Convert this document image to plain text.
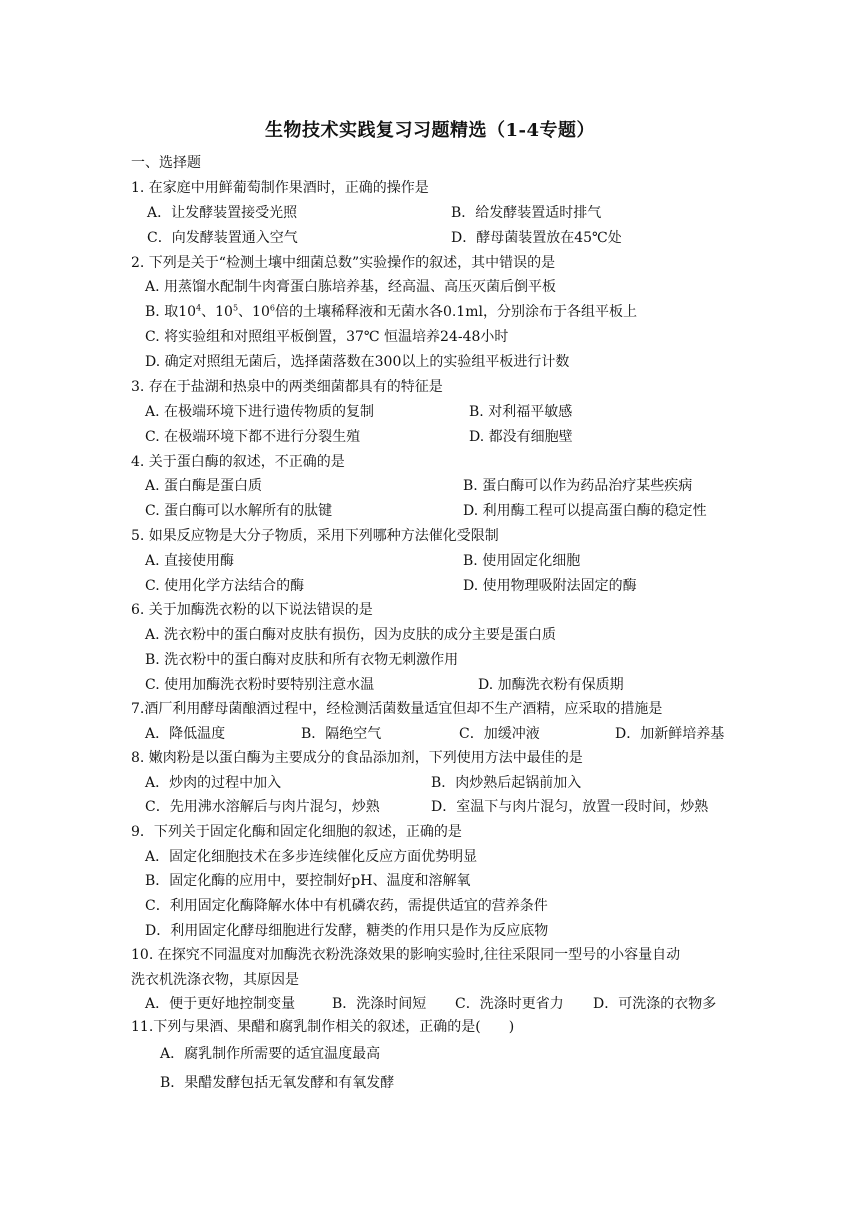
生物技术实践复习习题精选（1-4专题）
一、选择题
1. 在家庭中用鲜葡萄制作果酒时，正确的操作是
A．让发酵装置接受光照	B．给发酵装置适时排气
C．向发酵装置通入空气	D．酵母菌装置放在45℃处
2. 下列是关于“检测土壤中细菌总数”实验操作的叙述，其中错误的是
A. 用蒸馏水配制牛肉膏蛋白胨培养基，经高温、高压灭菌后倒平板
B. 取$10^4$、$10^5$、$10^6$倍的土壤稀释液和无菌水各0.1ml，分别涂布于各组平板上
C. 将实验组和对照组平板倒置，37℃ 恒温培养24-48小时
D. 确定对照组无菌后，选择菌落数在300以上的实验组平板进行计数
3. 存在于盐湖和热泉中的两类细菌都具有的特征是
A. 在极端环境下进行遗传物质的复制	B. 对利福平敏感
C. 在极端环境下都不进行分裂生殖	D. 都没有细胞壁
4. 关于蛋白酶的叙述，不正确的是
A. 蛋白酶是蛋白质	B. 蛋白酶可以作为药品治疗某些疾病
C. 蛋白酶可以水解所有的肽键	D. 利用酶工程可以提高蛋白酶的稳定性
5. 如果反应物是大分子物质，采用下列哪种方法催化受限制
A. 直接使用酶	B. 使用固定化细胞
C. 使用化学方法结合的酶	D. 使用物理吸附法固定的酶
6. 关于加酶洗衣粉的以下说法错误的是
A. 洗衣粉中的蛋白酶对皮肤有损伤，因为皮肤的成分主要是蛋白质
B. 洗衣粉中的蛋白酶对皮肤和所有衣物无刺激作用
C. 使用加酶洗衣粉时要特别注意水温	D. 加酶洗衣粉有保质期
7.酒厂利用酵母菌酿酒过程中，经检测活菌数量适宜但却不生产酒精，应采取的措施是
A．降低温度	B．隔绝空气	C．加缓冲液	D．加新鲜培养基
8. 嫩肉粉是以蛋白酶为主要成分的食品添加剂，下列使用方法中最佳的是
A．炒肉的过程中加入	B．肉炒熟后起锅前加入
C．先用沸水溶解后与肉片混匀，炒熟	D．室温下与肉片混匀，放置一段时间，炒熟
9．下列关于固定化酶和固定化细胞的叙述，正确的是
A．固定化细胞技术在多步连续催化反应方面优势明显
B．固定化酶的应用中，要控制好pH、温度和溶解氧
C．利用固定化酶降解水体中有机磷农药，需提供适宜的营养条件
D．利用固定化酵母细胞进行发酵，糖类的作用只是作为反应底物
10. 在探究不同温度对加酶洗衣粉洗涤效果的影响实验时,往往采限同一型号的小容量自动
洗衣机洗涤衣物，其原因是
A．便于更好地控制变量	B．洗涤时间短 C．洗涤时更省力 D．可洗涤的衣物多
11.下列与果酒、果醋和腐乳制作相关的叙述，正确的是(　　)
A．腐乳制作所需要的适宜温度最高
B．果醋发酵包括无氧发酵和有氧发酵
